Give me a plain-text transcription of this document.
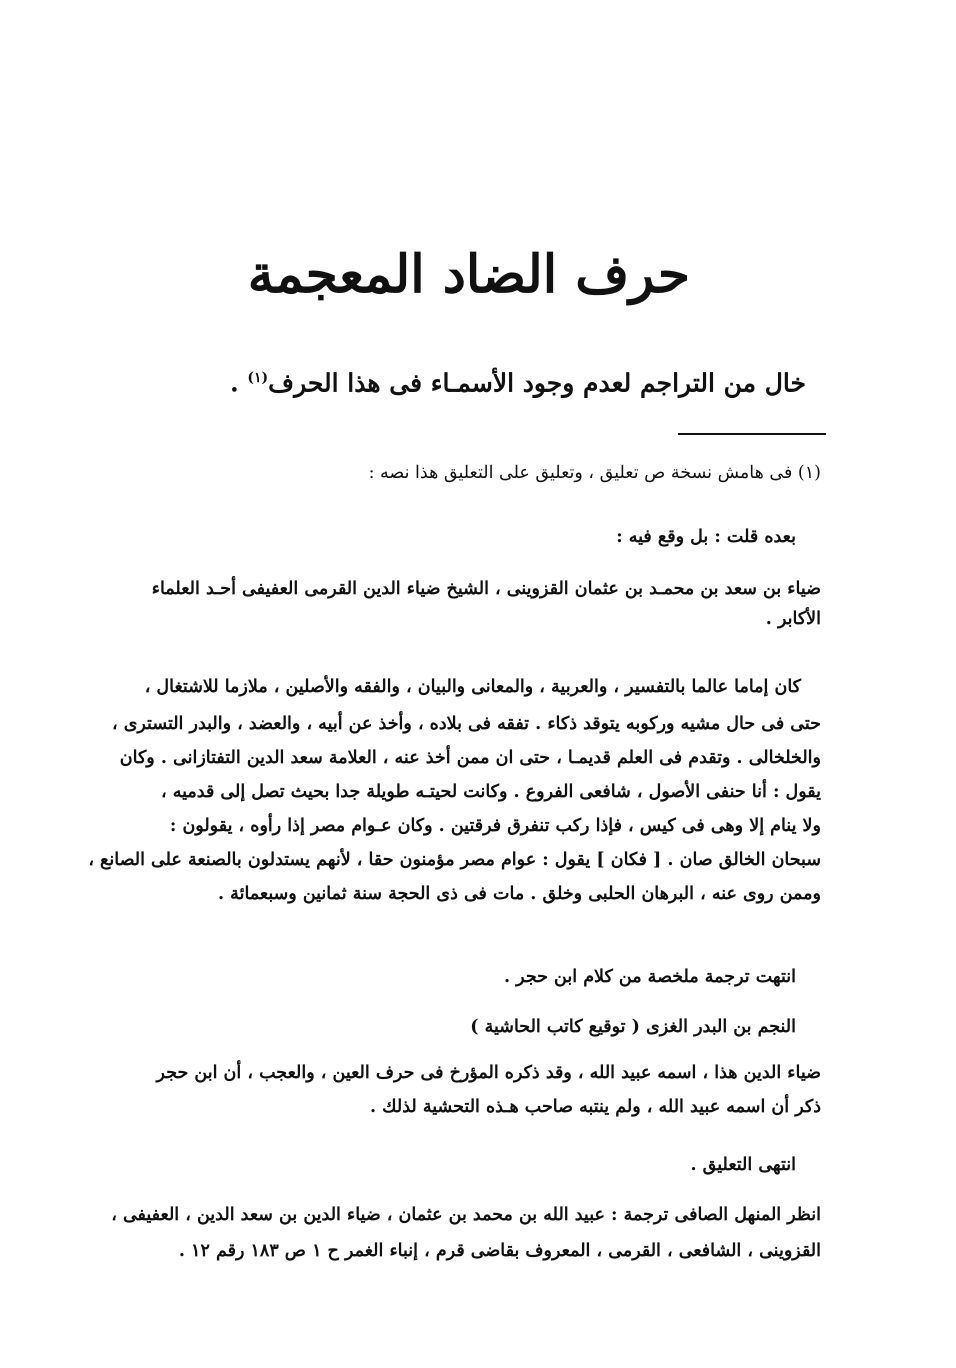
حرف الضاد المعجمة
خال من التراجم لعدم وجود الأسمـاء فى هذا الحرف$^{(١)}$ .
(١) فى هامش نسخة ص تعليق ، وتعليق على التعليق هذا نصه :
بعده قلت : بل وقع فيه :
ضياء بن سعد بن محمـد بن عثمان القزوينى ، الشيخ ضياء الدين القرمى العفيفى أحـد العلماء
الأكابر .
كان إماما عالما بالتفسير ، والعربية ، والمعانى والبيان ، والفقه والأصلين ، ملازما للاشتغال ،
حتى فى حال مشيه وركوبه يتوقد ذكاء . تفقه فى بلاده ، وأخذ عن أبيه ، والعضد ، والبدر التسترى ،
والخلخالى . وتقدم فى العلم قديمـا ، حتى ان ممن أخذ عنه ، العلامة سعد الدين التفتازانى . وكان
يقول : أنا حنفى الأصول ، شافعى الفروع . وكانت لحيتـه طويلة جدا بحيث تصل إلى قدميه ،
ولا ينام إلا وهى فى كيس ، فإذا ركب تنفرق فرقتين . وكان عـوام مصر إذا رأوه ، يقولون :
سبحان الخالق صان . [ فكان ] يقول : عوام مصر مؤمنون حقا ، لأنهم يستدلون بالصنعة على الصانع ،
وممن روى عنه ، البرهان الحلبى وخلق . مات فى ذى الحجة سنة ثمانين وسبعمائة .
انتهت ترجمة ملخصة من كلام ابن حجر .
النجم بن البدر الغزى ( توقيع كاتب الحاشية )
ضياء الدين هذا ، اسمه عبيد الله ، وقد ذكره المؤرخ فى حرف العين ، والعجب ، أن ابن حجر
ذكر أن اسمه عبيد الله ، ولم ينتبه صاحب هـذه التحشية لذلك .
انتهى التعليق .
انظر المنهل الصافى ترجمة : عبيد الله بن محمد بن عثمان ، ضياء الدين بن سعد الدين ، العفيفى ،
القزوينى ، الشافعى ، القرمى ، المعروف بقاضى قرم ، إنباء الغمر ح ١ ص ١٨٣ رقم ١٢ .
